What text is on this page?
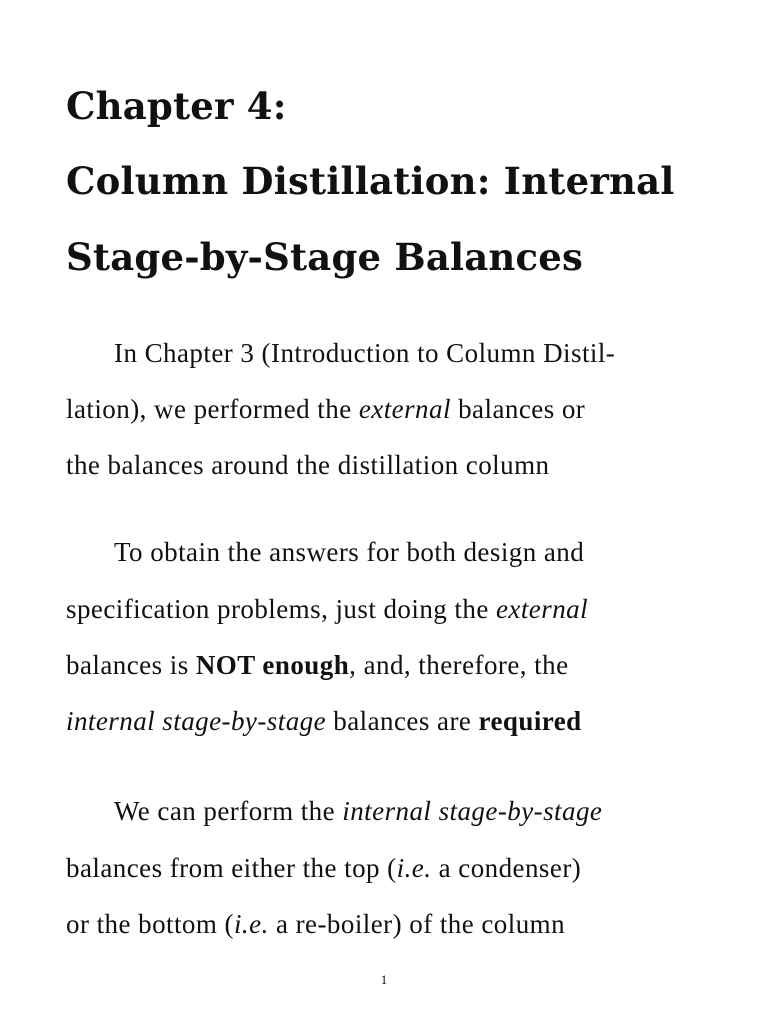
Chapter 4:
Column Distillation: Internal
Stage-by-Stage Balances

In Chapter 3 (Introduction to Column Distil-

lation), we performed the external balances or

the balances around the distillation column

To obtain the answers for both design and

specification problems, just doing the external

balances is NOT enough, and, therefore, the

internal stage-by-stage balances are required

We can perform the internal stage-by-stage

balances from either the top (i.e. a condenser)

or the bottom (i.e. a re-boiler) of the column

1
